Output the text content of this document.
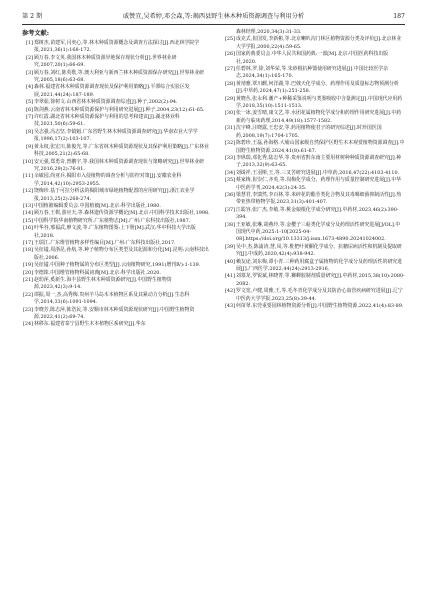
第 2 期	戚赞宜,吴希婷,邓会森,等:揭西县野生林木种质资源调查与利用分析	187
参考文献:

[1] 郑树杰,苗建军,闫奕心,等.林木种质资源概念及调查方法探讨[J].西北林学院学报,2021,36(1):168-172.

[2] 顾万春,李文英.我国林木种质资源异地保存现状分析[J].世界林业研究,2007,20(1):66-69.

[3] 顾万春,刘红,陈英歌,等.澳大利亚与新西兰林木种质资源保存研究[J].世界林业研究,2005,18(6):63-68.

[4] 森林.福建省林木种质资源调查现状及保护利用策略[J].平潭综合实验区发展,2021,44(24):187-189.

[5] 李翠茹,徐树文.山西省林木种质资源调查综述[J].种子,2002(2):94.

[6] 陈剑燕.云南省林木种质资源保护与利用研究进展[J].种子,2004,23(12):61-65.

[7] 许红霞.湖北省林木种质资源保护与利用的思考和建议[J].湖北林业科技,2021,50(6):59-61.

[8] 吴志强,冯志坚,李镇魁.广东省野生林木种质资源调查研究[J].华南农业大学学报,1996,17(2):103-107.

[9] 黄永权,张宏川,陈俊光,等.广东省林木种质资源现状及其保护利用策略[J].广东林业科技,2005,21(2):65-68.

[10] 安元强,郑勇奇,曾鹏宇,等.我国林木种质资源调查现状与策略研究[J].世界林业研究,2016,29(2):76-81.

[11] 余敏园,尚亚兵.揭阳市入侵植物的调查分析与防控对策[J].安徽农业科学,2014,42(10):2953-2955.

[12] 饶梅珍.基于可拉分析法的揭阳城市绿地植物配置的应用研究[J].浙江农业学报,2013,25(2):268-274.

[13] 中国植被编辑委员会.中国植被[M].北京:科学出版社,1980.

[14] 顾万春,王棋,游应天,等.森林遗传资源学概论[M].北京:中国科学技术出版社,1998.

[15] 中国科学院华南植物研究所.广东植物志[M].广州:广东科技出版社,1987.

[16] 叶华谷,邢福武,廖文波,等.广东植物图鉴:上下册[M].武汉:华中科技大学出版社,2018.

[17] 王瑞江.广东维管植物多样性编目[M].广州:广东科技出版社,2017.

[18] 吴征镒,周浙昆,孙航,等.种子植物分布区类型及其起源和分化[M].昆明:云南科技出版社,2006.

[19] 吴征镒.中国种子植物属的分布区类型[J].云南植物研究,1991(增刊Ⅳ):1-139.

[20] 李德铢.中国维管植物科属词典[M].北京:科学出版社,2020.

[21] 赵幼萍,奚新生.海丰县野生林木种质资源研究[J].中国野生植物资源,2023,42(3):9-14.

[22] 谭振,周一,杰,高秀梅.贵州羊马岛木本植物区系及其紧动力分析[J].生态科学,2014,33(6):1091-1094.

[23] 李晓芳,陈志萍,陈浩民,等.安顺市林木种质资源现状研究[J].中国野生植物资源,2022,41(2):69-74.

[24] 林移东.福建省泰宁县野生木本植物区系研究[J].华东

森林经理,2020,34(3):31-33.

[25] 成克式,崔国发,李新彬,等.北京喇叭沟门林区植物资源分类及评价[J].北京林业大学学报,2000,22(4):59-65.

[26] 国家药典委员会.中华人民共和国药典:一部[M].北京:中国医药科技出版社,2020.

[27] 任碧林,罗,徐,刘华荣,等.朱砂根抗种馏使用研究进展[J].中国比较医学杂志,2024,34(1):165-170.

[28] 黄靖雅,覃川麒,何洋湖,等.巴戟天化学成分、药理作用及质量标志物预测分析[J].中草药,2024,47(1):251-258.

[29] 黄晓丛,张永利.潮产+种稀采鉴说明与类鉴吸收中含量测定[J].中国现代应用药学,2018,35(10):1511-1513.

[30] 张一冰,姜雪晴,康文艺,等.水团花属植物化学成分和药理作用研究进展[J].中药新药与临床药理,2014,49(18):1577-1582.

[31] 沈宇峰,汪晓露,王忠安,等.药用植物使君子的研究综述[J].时珍国医国药,2008,19(7):1704-1705.

[32] 陈碧珍,王磊,孙海格.大埔山国家级自然保护区野生木本观赏植物资源调查[J].中国野生植物资源,2024,41(8):61-67.

[33] 李纵瑞,邓化秀,陆志华,等.贵州省黔东南主要用材树种种质资源调查研究[J].种子,2013,32(9):63-65.

[34] 刘缉祥,王羽斯,王,等.三叉苦研究进展[J].中草药,2016,47(22):4103-4110.

[35] 蔡家梅,崔崇仁,齐英,等.岗梅化学成分、药理作用与质量控制研究进展[J].中华中医药学刊,2024,42(3):24-35.

[36] 梁慧君,李馈然,李百林,等.米碎花的酯苷类化合物及其毒噶细菌抑制活性[J].热带亚热带植物学报,2023,31(3):401-407.

[37] 江聪容,张广杰,李敏,等.桃金娘根化学成分研究[J].中药材,2023,46(2):390-394.

[38] 王亚敏,张琳,胡燕玲,等.金樱子三萜类化学成分及药理活性研究进展[J/OL].中国现代中药,2025:1-10[2025-04-08].https://doi.org/10.13313/j.issn.1673-4890.20241024002.

[39] 吴中,杰,陈浦涛,慧,凤,等.枇杷叶黄酮化学成分、抗糖尿病活性和机制及提取研究[J].中成药,2020,42(4):938-942.

[40] 赖友途,刘东梅,谭小青.三种药用腐盒子属植物的化学成分及药理活性的研究进展[J].广西医学,2022,44(24):2913-2916.

[41] 刘慕龙,罗锐斌,林晓菁,等.狮蝉胶制剂质量研究[J].中药材,2015,38(10):2080-2082.

[42] 罗文宽,卢健,周雅,王,等.毛冬青化学成分及其防治心血管疾病研究进展[J].辽宁中医药大学学报,2023,25(8):39-44.

[43] 何苗翠.东莞重要园林植物资源分析[J].中国野生植物资源,2022,41(4):83-89.
